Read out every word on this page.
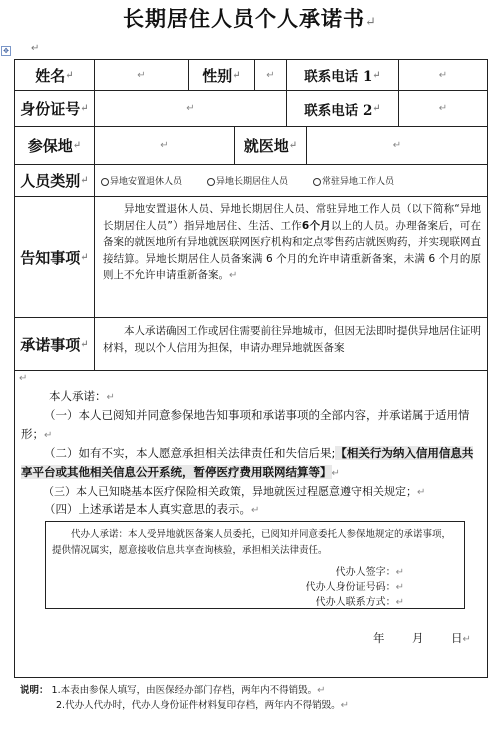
长期居住人员个人承诺书↵
✥ ↵
姓名 ↵	↵	性别 ↵	↵ 联系电话 1 ↵	↵
身份证号 ↵	↵	联系电话 2 ↵	↵
参保地 ↵	↵	就医地 ↵	↵
人员类别 ↵	异地安置退休人员	异地长期居住人员	常驻异地工作人员
告知事项 ↵
异地安置退休人员、异地长期居住人员、常驻异地工作人员（以下简称“异地长期居住人员”）指异地居住、生活、工作6个月以上的人员。办理备案后，可在备案的就医地所有异地就医联网医疗机构和定点零售药店就医购药，并实现联网直接结算。异地长期居住人员备案满 6 个月的允许申请重新备案，未满 6 个月的原则上不允许申请重新备案。↵
承诺事项 ↵
本人承诺确因工作或居住需要前往异地城市，但因无法即时提供异地居住证明材料，现以个人信用为担保，申请办理异地就医备案

↵

本人承诺：↵

（一）本人已阅知并同意参保地告知事项和承诺事项的全部内容，并承诺属于适用情形；↵

（二）如有不实，本人愿意承担相关法律责任和失信后果;【相关行为纳入信用信息共享平台或其他相关信息公开系统，暂停医疗费用联网结算等】↵

（三）本人已知晓基本医疗保险相关政策，异地就医过程愿意遵守相关规定；↵

（四）上述承诺是本人真实意思的表示。↵

代办人承诺：本人受异地就医备案人员委托，已阅知并同意委托人参保地规定的承诺事项，提供情况属实，愿意接收信息共享查询核验，承担相关法律责任。
代办人签字：↵
代办人身份证号码：↵
代办人联系方式：↵
年 月 日↵
说明： 1.本表由参保人填写，由医保经办部门存档，两年内不得销毁。↵
2.代办人代办时，代办人身份证件材料复印存档，两年内不得销毁。↵
